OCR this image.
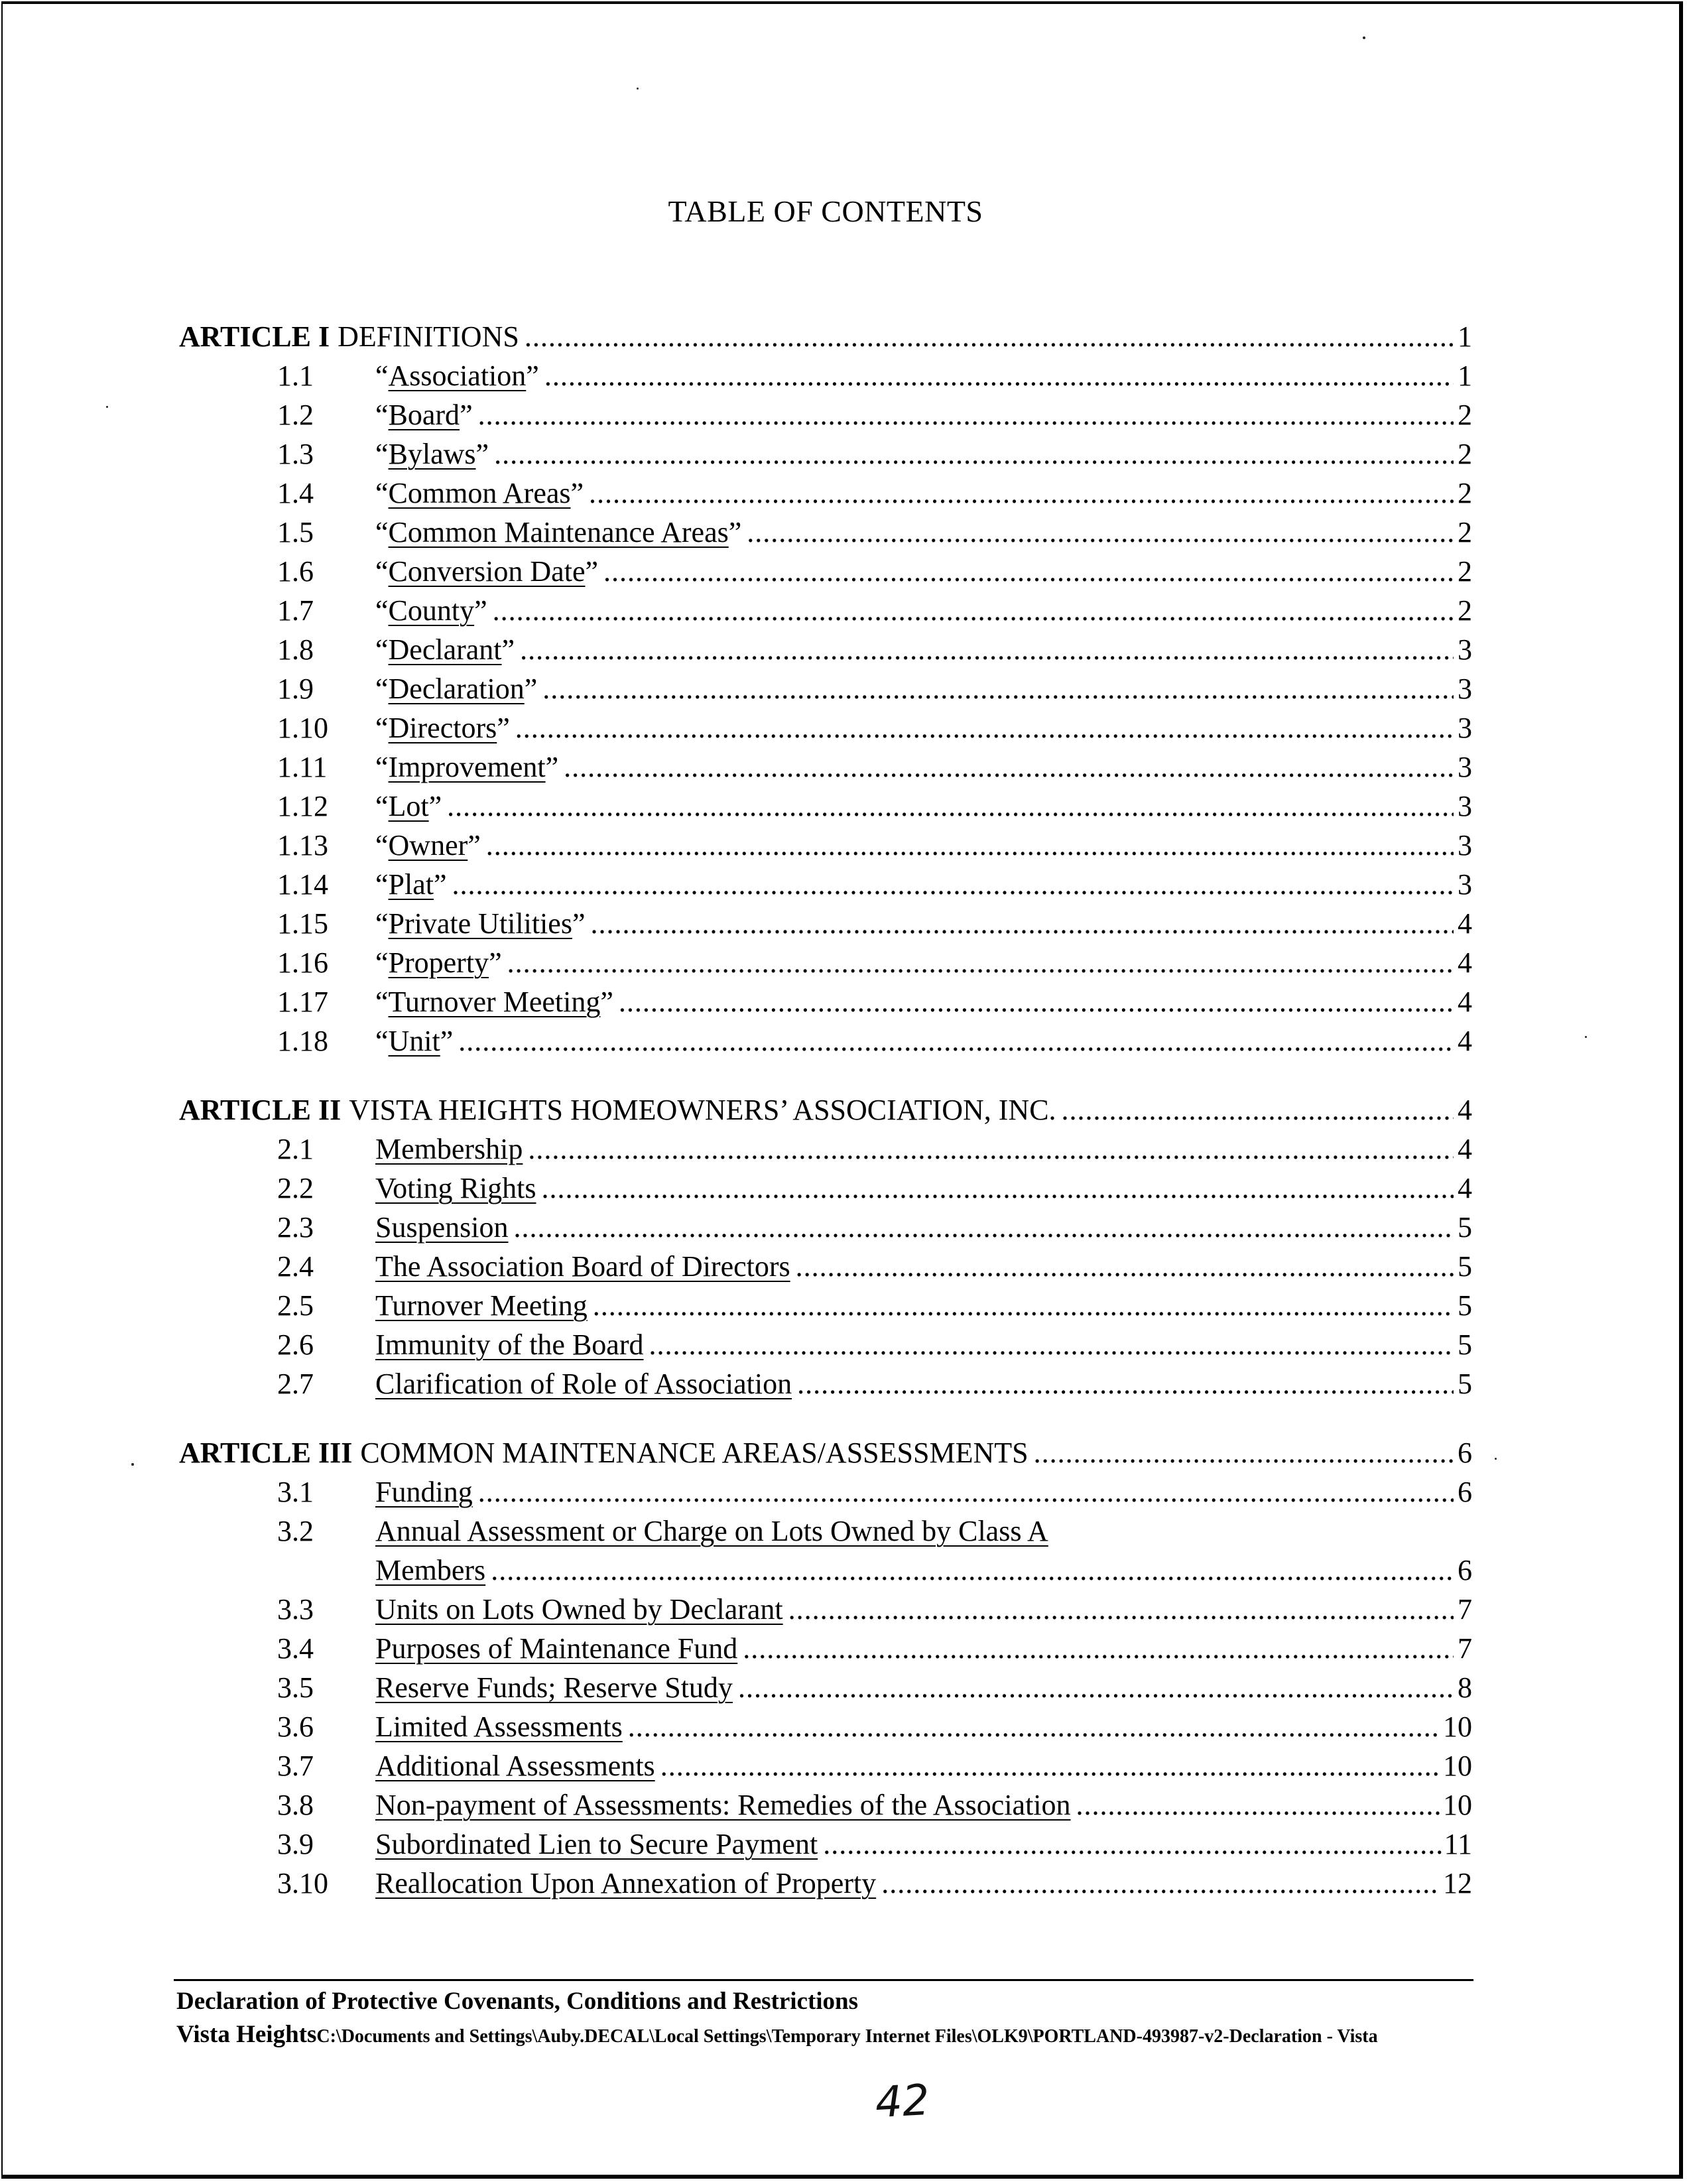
TABLE OF CONTENTS
ARTICLE I DEFINITIONS .....	1
1.1	“Association” .....	1
1.2	“Board” .....	2
1.3	“Bylaws” .....	2
1.4	“Common Areas” .....	2
1.5	“Common Maintenance Areas” .....	2
1.6	“Conversion Date” .....	2
1.7	“County” .....	2
1.8	“Declarant” .....	3
1.9	“Declaration” .....	3
1.10	“Directors” .....	3
1.11	“Improvement” .....	3
1.12	“Lot” .....	3
1.13	“Owner” .....	3
1.14	“Plat” .....	3
1.15	“Private Utilities” .....	4
1.16	“Property” .....	4
1.17	“Turnover Meeting” .....	4
1.18	“Unit” .....	4
ARTICLE II VISTA HEIGHTS HOMEOWNERS’ ASSOCIATION, INC. .....	4
2.1	Membership .....	4
2.2	Voting Rights .....	4
2.3	Suspension .....	5
2.4	The Association Board of Directors .....	5
2.5	Turnover Meeting .....	5
2.6	Immunity of the Board .....	5
2.7	Clarification of Role of Association .....	5
ARTICLE III COMMON MAINTENANCE AREAS/ASSESSMENTS .....	6
3.1	Funding .....	6
3.2	Annual Assessment or Charge on Lots Owned by Class A
Members .....	6
3.3	Units on Lots Owned by Declarant .....	7
3.4	Purposes of Maintenance Fund .....	7
3.5	Reserve Funds; Reserve Study .....	8
3.6	Limited Assessments .....	10
3.7	Additional Assessments .....	10
3.8	Non-payment of Assessments: Remedies of the Association .....	10
3.9	Subordinated Lien to Secure Payment .....	11
3.10	Reallocation Upon Annexation of Property .....	12
Declaration of Protective Covenants, Conditions and Restrictions
Vista HeightsC:\Documents and Settings\Auby.DECAL\Local Settings\Temporary Internet Files\OLK9\PORTLAND-493987-v2-Declaration - Vista
42
